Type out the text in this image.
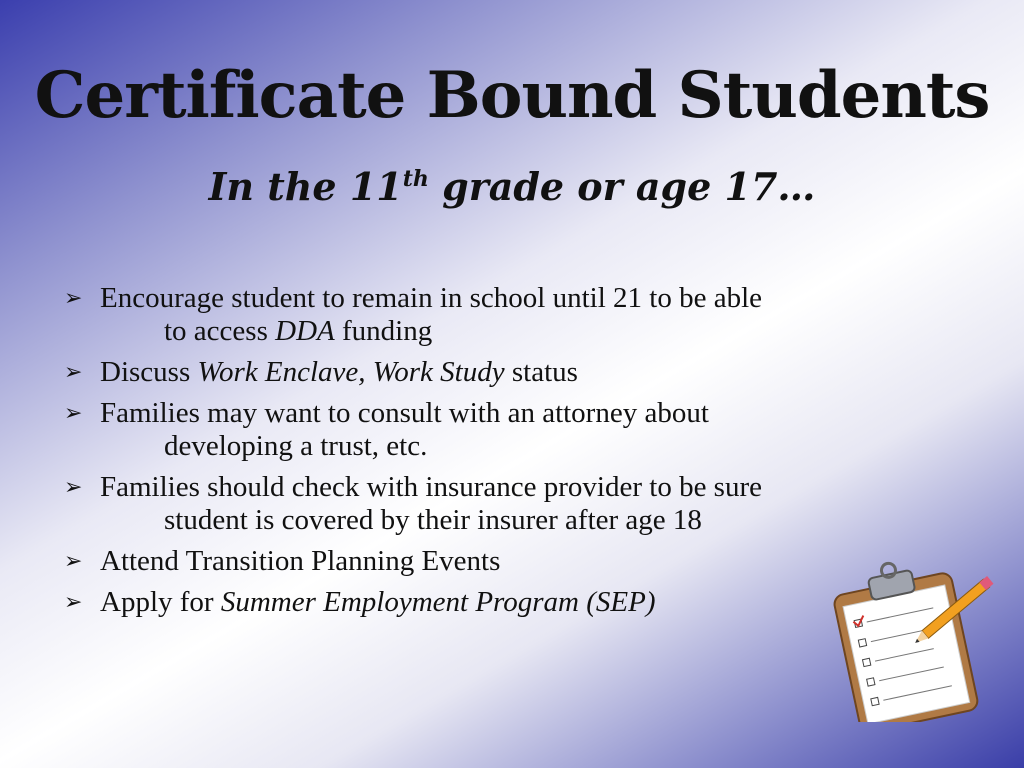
Certificate Bound Students
In the 11th grade or age 17…
➢ Encourage student to remain in school until 21 to be able
to access DDA funding
➢ Discuss Work Enclave, Work Study status
➢ Families may want to consult with an attorney about
developing a trust, etc.
➢ Families should check with insurance provider to be sure
student is covered by their insurer after age 18
➢ Attend Transition Planning Events
➢ Apply for Summer Employment Program (SEP)
